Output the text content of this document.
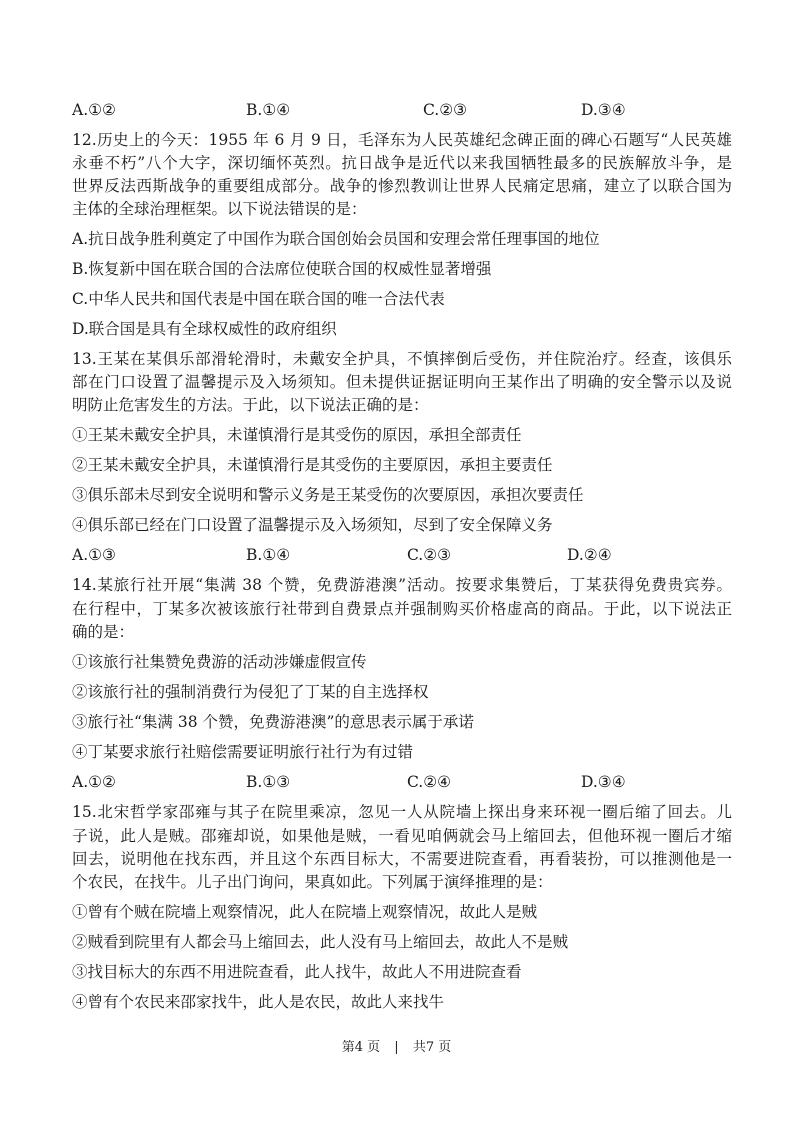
A.①②	B.①④	C.②③	D.③④
12.历史上的今天：1955 年 6 月 9 日，毛泽东为人民英雄纪念碑正面的碑心石题写“人民英雄
永垂不朽”八个大字，深切缅怀英烈。抗日战争是近代以来我国牺牲最多的民族解放斗争，是
世界反法西斯战争的重要组成部分。战争的惨烈教训让世界人民痛定思痛，建立了以联合国为
主体的全球治理框架。以下说法错误的是：
A.抗日战争胜利奠定了中国作为联合国创始会员国和安理会常任理事国的地位
B.恢复新中国在联合国的合法席位使联合国的权威性显著增强
C.中华人民共和国代表是中国在联合国的唯一合法代表
D.联合国是具有全球权威性的政府组织
13.王某在某俱乐部滑轮滑时，未戴安全护具，不慎摔倒后受伤，并住院治疗。经查，该俱乐
部在门口设置了温馨提示及入场须知。但未提供证据证明向王某作出了明确的安全警示以及说
明防止危害发生的方法。于此，以下说法正确的是：
①王某未戴安全护具，未谨慎滑行是其受伤的原因，承担全部责任
②王某未戴安全护具，未谨慎滑行是其受伤的主要原因，承担主要责任
③俱乐部未尽到安全说明和警示义务是王某受伤的次要原因，承担次要责任
④俱乐部已经在门口设置了温馨提示及入场须知，尽到了安全保障义务
A.①③	B.①④	C.②③	D.②④
14.某旅行社开展“集满 38 个赞，免费游港澳”活动。按要求集赞后，丁某获得免费贵宾券。
在行程中，丁某多次被该旅行社带到自费景点并强制购买价格虚高的商品。于此，以下说法正
确的是：
①该旅行社集赞免费游的活动涉嫌虚假宣传
②该旅行社的强制消费行为侵犯了丁某的自主选择权
③旅行社“集满 38 个赞，免费游港澳”的意思表示属于承诺
④丁某要求旅行社赔偿需要证明旅行社行为有过错
A.①②	B.①③	C.②④	D.③④
15.北宋哲学家邵雍与其子在院里乘凉，忽见一人从院墙上探出身来环视一圈后缩了回去。儿
子说，此人是贼。邵雍却说，如果他是贼，一看见咱俩就会马上缩回去，但他环视一圈后才缩
回去，说明他在找东西，并且这个东西目标大，不需要进院查看，再看装扮，可以推测他是一
个农民，在找牛。儿子出门询问，果真如此。下列属于演绎推理的是：
①曾有个贼在院墙上观察情况，此人在院墙上观察情况，故此人是贼
②贼看到院里有人都会马上缩回去，此人没有马上缩回去，故此人不是贼
③找目标大的东西不用进院查看，此人找牛，故此人不用进院查看
④曾有个农民来邵家找牛，此人是农民，故此人来找牛
第4 页 | 共7 页
